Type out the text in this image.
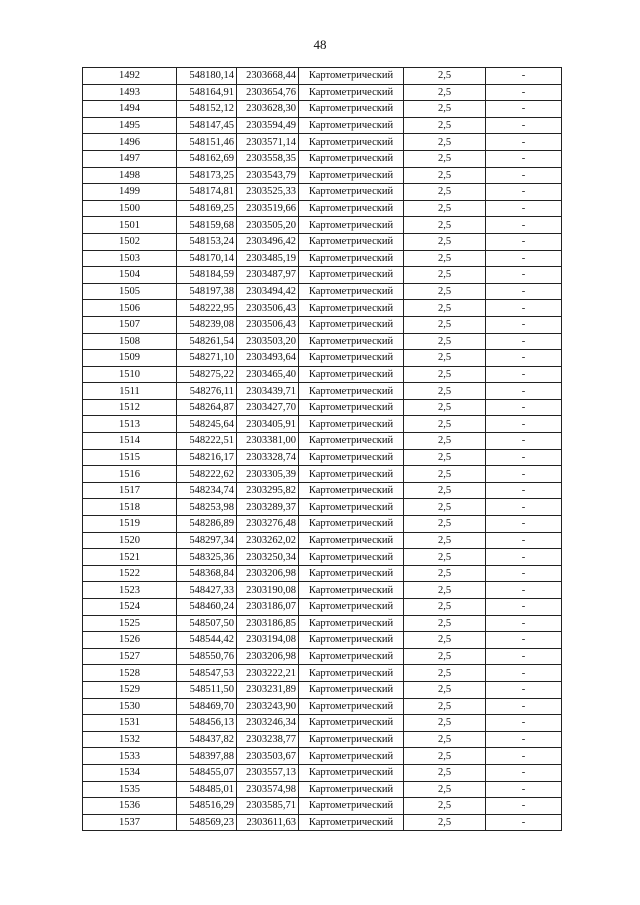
48
1492	548180,14	2303668,44	Картометрический	2,5	-
1493	548164,91	2303654,76	Картометрический	2,5	-
1494	548152,12	2303628,30	Картометрический	2,5	-
1495	548147,45	2303594,49	Картометрический	2,5	-
1496	548151,46	2303571,14	Картометрический	2,5	-
1497	548162,69	2303558,35	Картометрический	2,5	-
1498	548173,25	2303543,79	Картометрический	2,5	-
1499	548174,81	2303525,33	Картометрический	2,5	-
1500	548169,25	2303519,66	Картометрический	2,5	-
1501	548159,68	2303505,20	Картометрический	2,5	-
1502	548153,24	2303496,42	Картометрический	2,5	-
1503	548170,14	2303485,19	Картометрический	2,5	-
1504	548184,59	2303487,97	Картометрический	2,5	-
1505	548197,38	2303494,42	Картометрический	2,5	-
1506	548222,95	2303506,43	Картометрический	2,5	-
1507	548239,08	2303506,43	Картометрический	2,5	-
1508	548261,54	2303503,20	Картометрический	2,5	-
1509	548271,10	2303493,64	Картометрический	2,5	-
1510	548275,22	2303465,40	Картометрический	2,5	-
1511	548276,11	2303439,71	Картометрический	2,5	-
1512	548264,87	2303427,70	Картометрический	2,5	-
1513	548245,64	2303405,91	Картометрический	2,5	-
1514	548222,51	2303381,00	Картометрический	2,5	-
1515	548216,17	2303328,74	Картометрический	2,5	-
1516	548222,62	2303305,39	Картометрический	2,5	-
1517	548234,74	2303295,82	Картометрический	2,5	-
1518	548253,98	2303289,37	Картометрический	2,5	-
1519	548286,89	2303276,48	Картометрический	2,5	-
1520	548297,34	2303262,02	Картометрический	2,5	-
1521	548325,36	2303250,34	Картометрический	2,5	-
1522	548368,84	2303206,98	Картометрический	2,5	-
1523	548427,33	2303190,08	Картометрический	2,5	-
1524	548460,24	2303186,07	Картометрический	2,5	-
1525	548507,50	2303186,85	Картометрический	2,5	-
1526	548544,42	2303194,08	Картометрический	2,5	-
1527	548550,76	2303206,98	Картометрический	2,5	-
1528	548547,53	2303222,21	Картометрический	2,5	-
1529	548511,50	2303231,89	Картометрический	2,5	-
1530	548469,70	2303243,90	Картометрический	2,5	-
1531	548456,13	2303246,34	Картометрический	2,5	-
1532	548437,82	2303238,77	Картометрический	2,5	-
1533	548397,88	2303503,67	Картометрический	2,5	-
1534	548455,07	2303557,13	Картометрический	2,5	-
1535	548485,01	2303574,98	Картометрический	2,5	-
1536	548516,29	2303585,71	Картометрический	2,5	-
1537	548569,23	2303611,63	Картометрический	2,5	-
